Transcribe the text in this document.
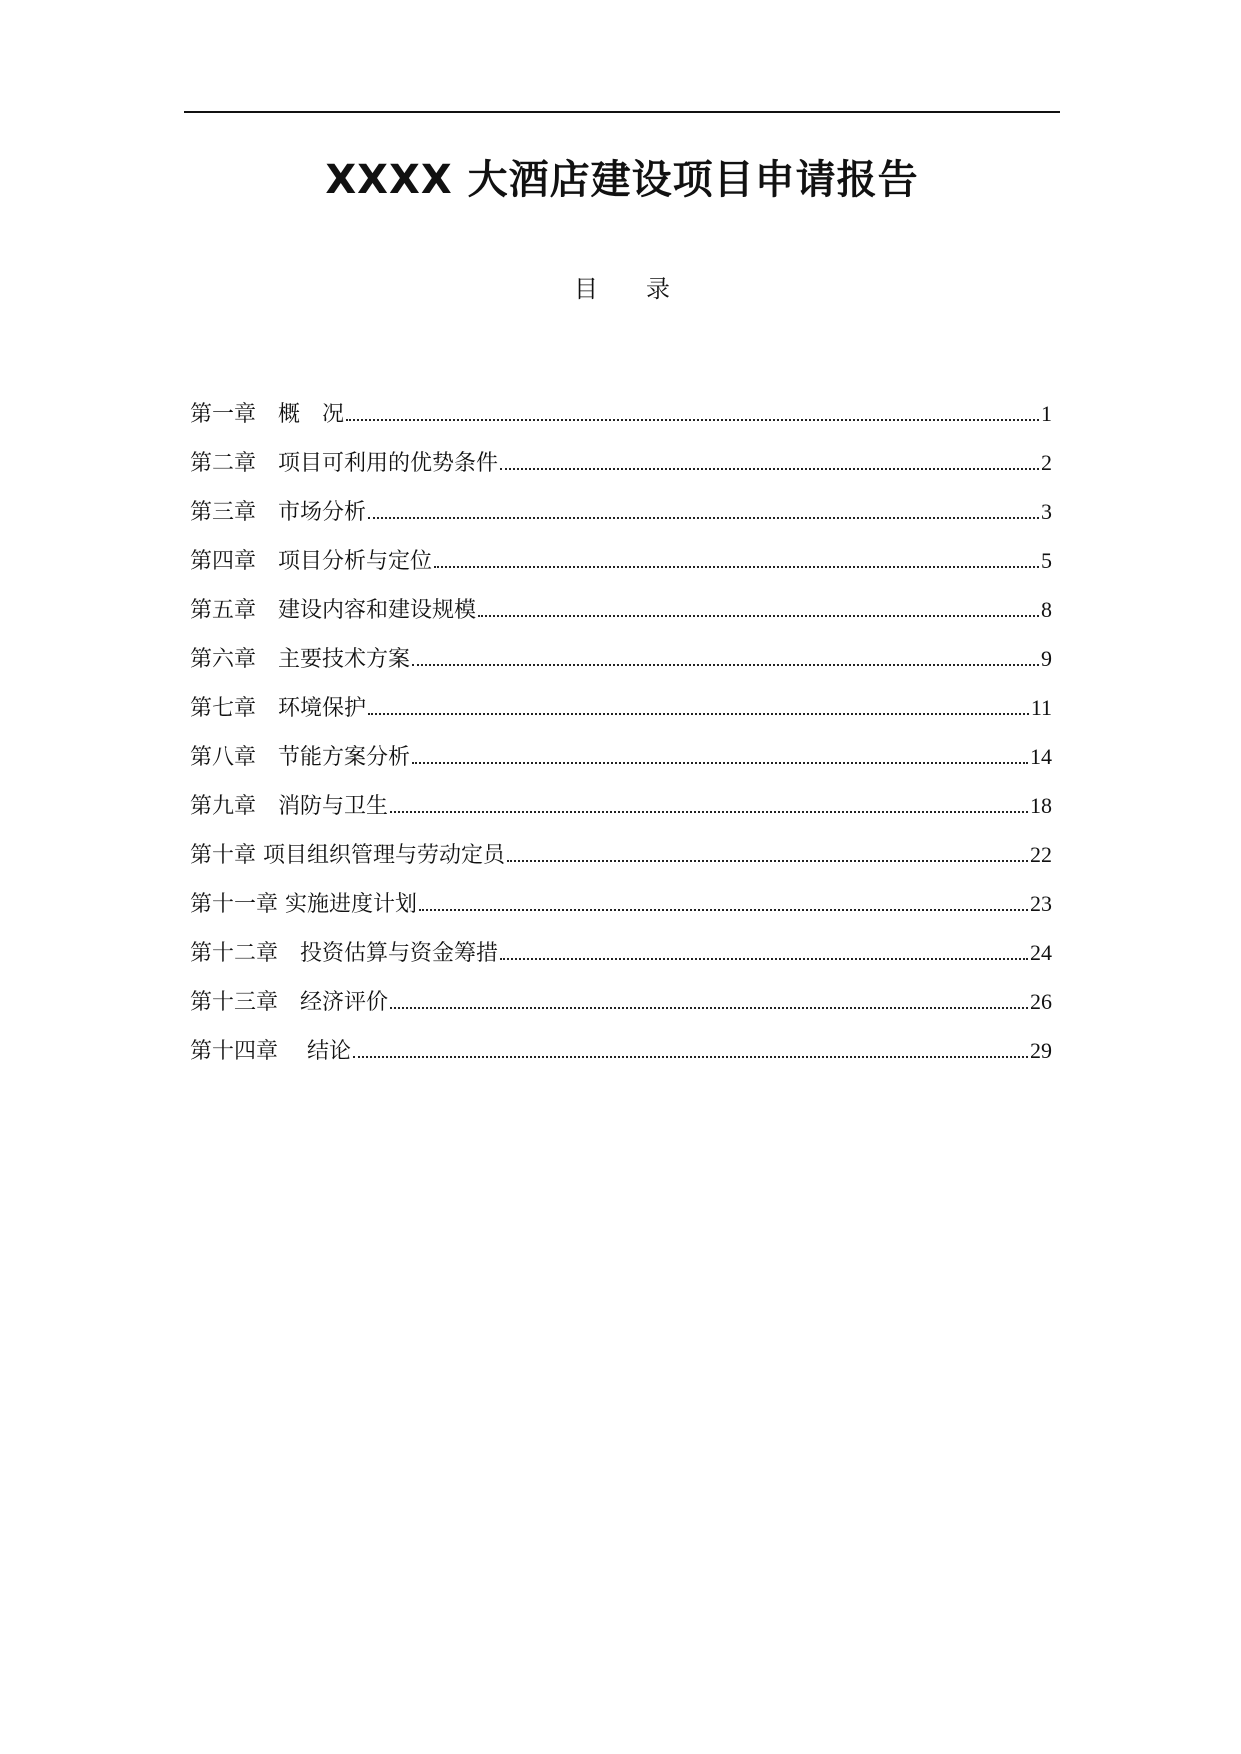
XXXX 大酒店建设项目申请报告
目　　录
第一章　概　况	1
第二章　项目可利用的优势条件	2
第三章　市场分析	3
第四章　项目分析与定位	5
第五章　建设内容和建设规模	8
第六章　主要技术方案	9
第七章　环境保护	11
第八章　节能方案分析	14
第九章　消防与卫生	18
第十章 项目组织管理与劳动定员	22
第十一章 实施进度计划	23
第十二章　投资估算与资金筹措	24
第十三章　经济评价	26
第十四章　 结论	29
